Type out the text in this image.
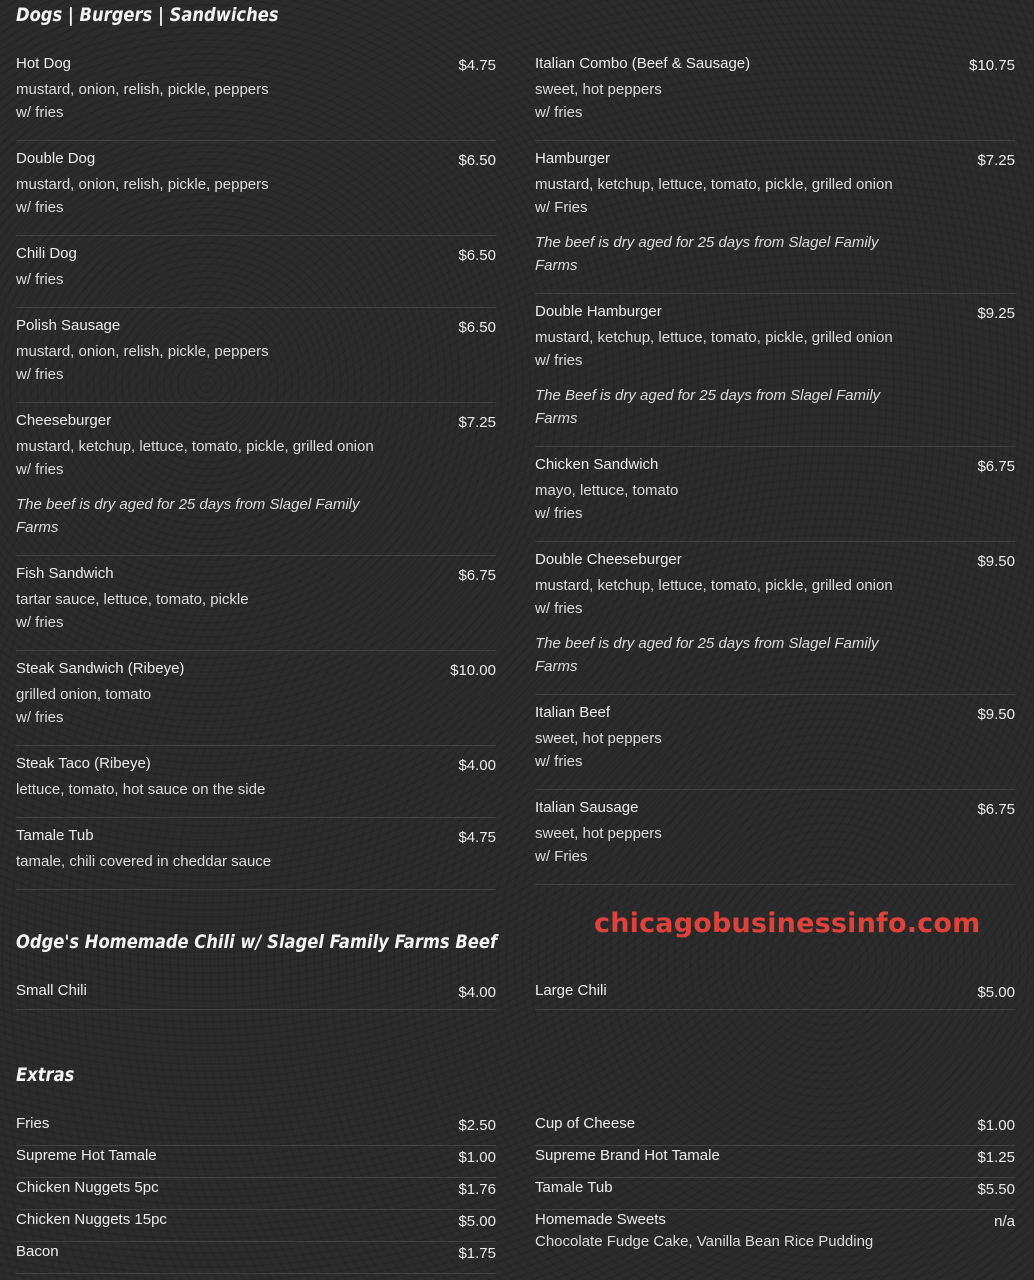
Dogs | Burgers | Sandwiches
$4.75
Hot Dog
mustard, onion, relish, pickle, peppers
w/ fries
$6.50
Double Dog
mustard, onion, relish, pickle, peppers
w/ fries
$6.50
Chili Dog
w/ fries
$6.50
Polish Sausage
mustard, onion, relish, pickle, peppers
w/ fries
$7.25
Cheeseburger
mustard, ketchup, lettuce, tomato, pickle, grilled onion
w/ fries
The beef is dry aged for 25 days from Slagel Family Farms
$6.75
Fish Sandwich
tartar sauce, lettuce, tomato, pickle
w/ fries
$10.00
Steak Sandwich (Ribeye)
grilled onion, tomato
w/ fries
$4.00
Steak Taco (Ribeye)
lettuce, tomato, hot sauce on the side
$4.75
Tamale Tub
tamale, chili covered in cheddar sauce
$10.75
Italian Combo (Beef & Sausage)
sweet, hot peppers
w/ fries
$7.25
Hamburger
mustard, ketchup, lettuce, tomato, pickle, grilled onion
w/ Fries
The beef is dry aged for 25 days from Slagel Family Farms
$9.25
Double Hamburger
mustard, ketchup, lettuce, tomato, pickle, grilled onion
w/ fries
The Beef is dry aged for 25 days from Slagel Family Farms
$6.75
Chicken Sandwich
mayo, lettuce, tomato
w/ fries
$9.50
Double Cheeseburger
mustard, ketchup, lettuce, tomato, pickle, grilled onion
w/ fries
The beef is dry aged for 25 days from Slagel Family Farms
$9.50
Italian Beef
sweet, hot peppers
w/ fries
$6.75
Italian Sausage
sweet, hot peppers
w/ Fries
chicagobusinessinfo.com
Odge's Homemade Chili w/ Slagel Family Farms Beef
$4.00
Small Chili	$5.00
Large Chili
Extras
$2.50
Fries
$1.00
Supreme Hot Tamale
$1.76
Chicken Nuggets 5pc
$5.00
Chicken Nuggets 15pc
$1.75
Bacon
$1.00
Cup of Cheese
$1.25
Supreme Brand Hot Tamale
$5.50
Tamale Tub
n/a
Homemade Sweets
Chocolate Fudge Cake, Vanilla Bean Rice Pudding
